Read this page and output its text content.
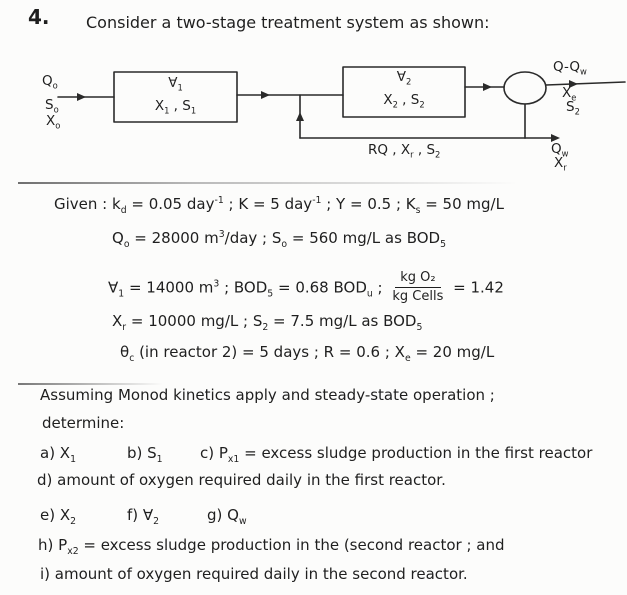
4. Consider a two-stage treatment system as shown:
$Q_o$
$S_o$
$X_o$
$\forall_1$
$X_1$ , $S_1$
$\forall_2$
$X_2$ , $S_2$
RQ , $X_r$ , $S_2$
$Q-Q_w$
$X_e$
$S_2$
$Q_w$
$X_r$
Given : $k_d = 0.05$ day$^{-1}$ ; K = 5 day$^{-1}$ ; Y = 0.5 ; $K_s = 50$ mg/L
$Q_o = 28000$ $m^3$/day ; $S_o = 560$ mg/L as $BOD_5$
$\forall_1 = 14000$ $m^3$ ; $BOD_5 = 0.68$ $BOD_u$ ; $\frac{\text{kg O₂}}{\text{kg Cells}} = 1.42$
$X_r = 10000$ mg/L ; $S_2 = 7.5$ mg/L as $BOD_5$
$\theta_c$ (in reactor 2) = 5 days ; R = 0.6 ; $X_e = 20$ mg/L
Assuming Monod kinetics apply and steady-state operation ;
determine:
a) $X_1$	b) $S_1$ c) $P_{x1}$ = excess sludge production in the first reactor
d) amount of oxygen required daily in the first reactor.
e) $X_2$	f) $\forall_2$	g) $Q_w$
h) $P_{x2}$ = excess sludge production in the (second reactor ; and
i) amount of oxygen required daily in the second reactor.
